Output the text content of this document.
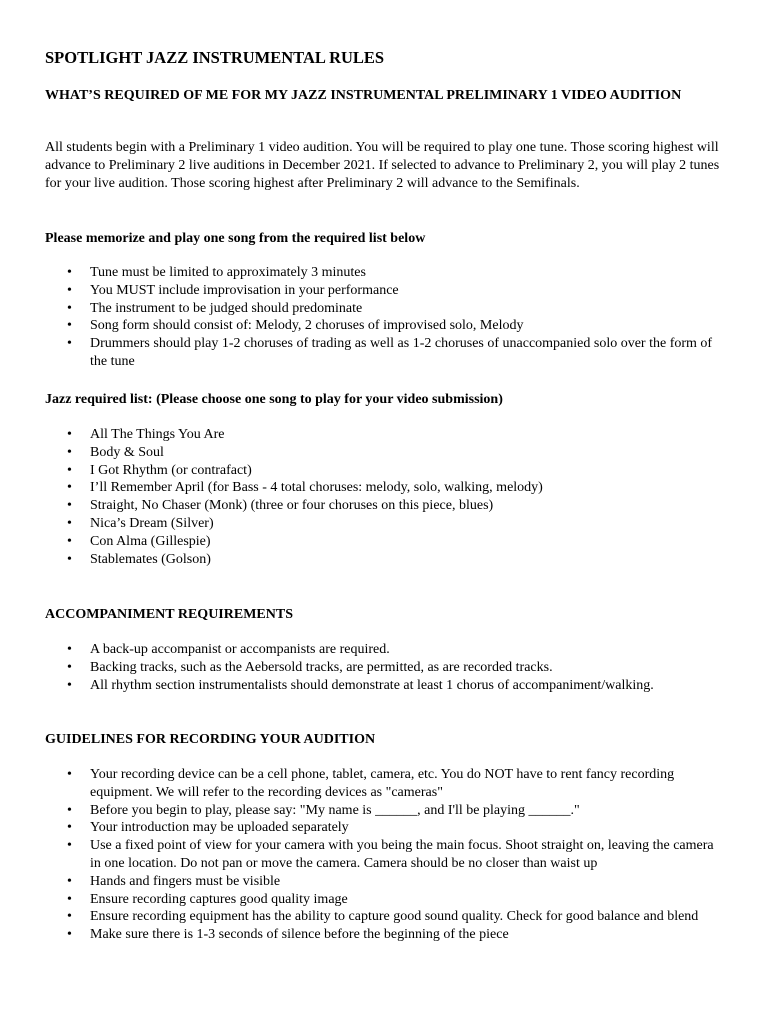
SPOTLIGHT JAZZ INSTRUMENTAL RULES
WHAT’S REQUIRED OF ME FOR MY JAZZ INSTRUMENTAL PRELIMINARY 1 VIDEO AUDITION

All students begin with a Preliminary 1 video audition. You will be required to play one tune. Those scoring highest will advance to Preliminary 2 live auditions in December 2021. If selected to advance to Preliminary 2, you will play 2 tunes for your live audition. Those scoring highest after Preliminary 2 will advance to the Semifinals.

Please memorize and play one song from the required list below
• Tune must be limited to approximately 3 minutes
• You MUST include improvisation in your performance
• The instrument to be judged should predominate
• Song form should consist of: Melody, 2 choruses of improvised solo, Melody
• Drummers should play 1-2 choruses of trading as well as 1-2 choruses of unaccompanied solo over the form of the tune
Jazz required list: (Please choose one song to play for your video submission)
• All The Things You Are
• Body & Soul
• I Got Rhythm (or contrafact)
• I’ll Remember April (for Bass - 4 total choruses: melody, solo, walking, melody)
• Straight, No Chaser (Monk) (three or four choruses on this piece, blues)
• Nica’s Dream (Silver)
• Con Alma (Gillespie)
• Stablemates (Golson)
ACCOMPANIMENT REQUIREMENTS
• A back-up accompanist or accompanists are required.
• Backing tracks, such as the Aebersold tracks, are permitted, as are recorded tracks.
• All rhythm section instrumentalists should demonstrate at least 1 chorus of accompaniment/walking.
GUIDELINES FOR RECORDING YOUR AUDITION
• Your recording device can be a cell phone, tablet, camera, etc. You do NOT have to rent fancy recording equipment. We will refer to the recording devices as "cameras"
• Before you begin to play, please say: "My name is ______, and I'll be playing ______."
• Your introduction may be uploaded separately
• Use a fixed point of view for your camera with you being the main focus. Shoot straight on, leaving the camera in one location. Do not pan or move the camera. Camera should be no closer than waist up
• Hands and fingers must be visible
• Ensure recording captures good quality image
• Ensure recording equipment has the ability to capture good sound quality. Check for good balance and blend
• Make sure there is 1-3 seconds of silence before the beginning of the piece
